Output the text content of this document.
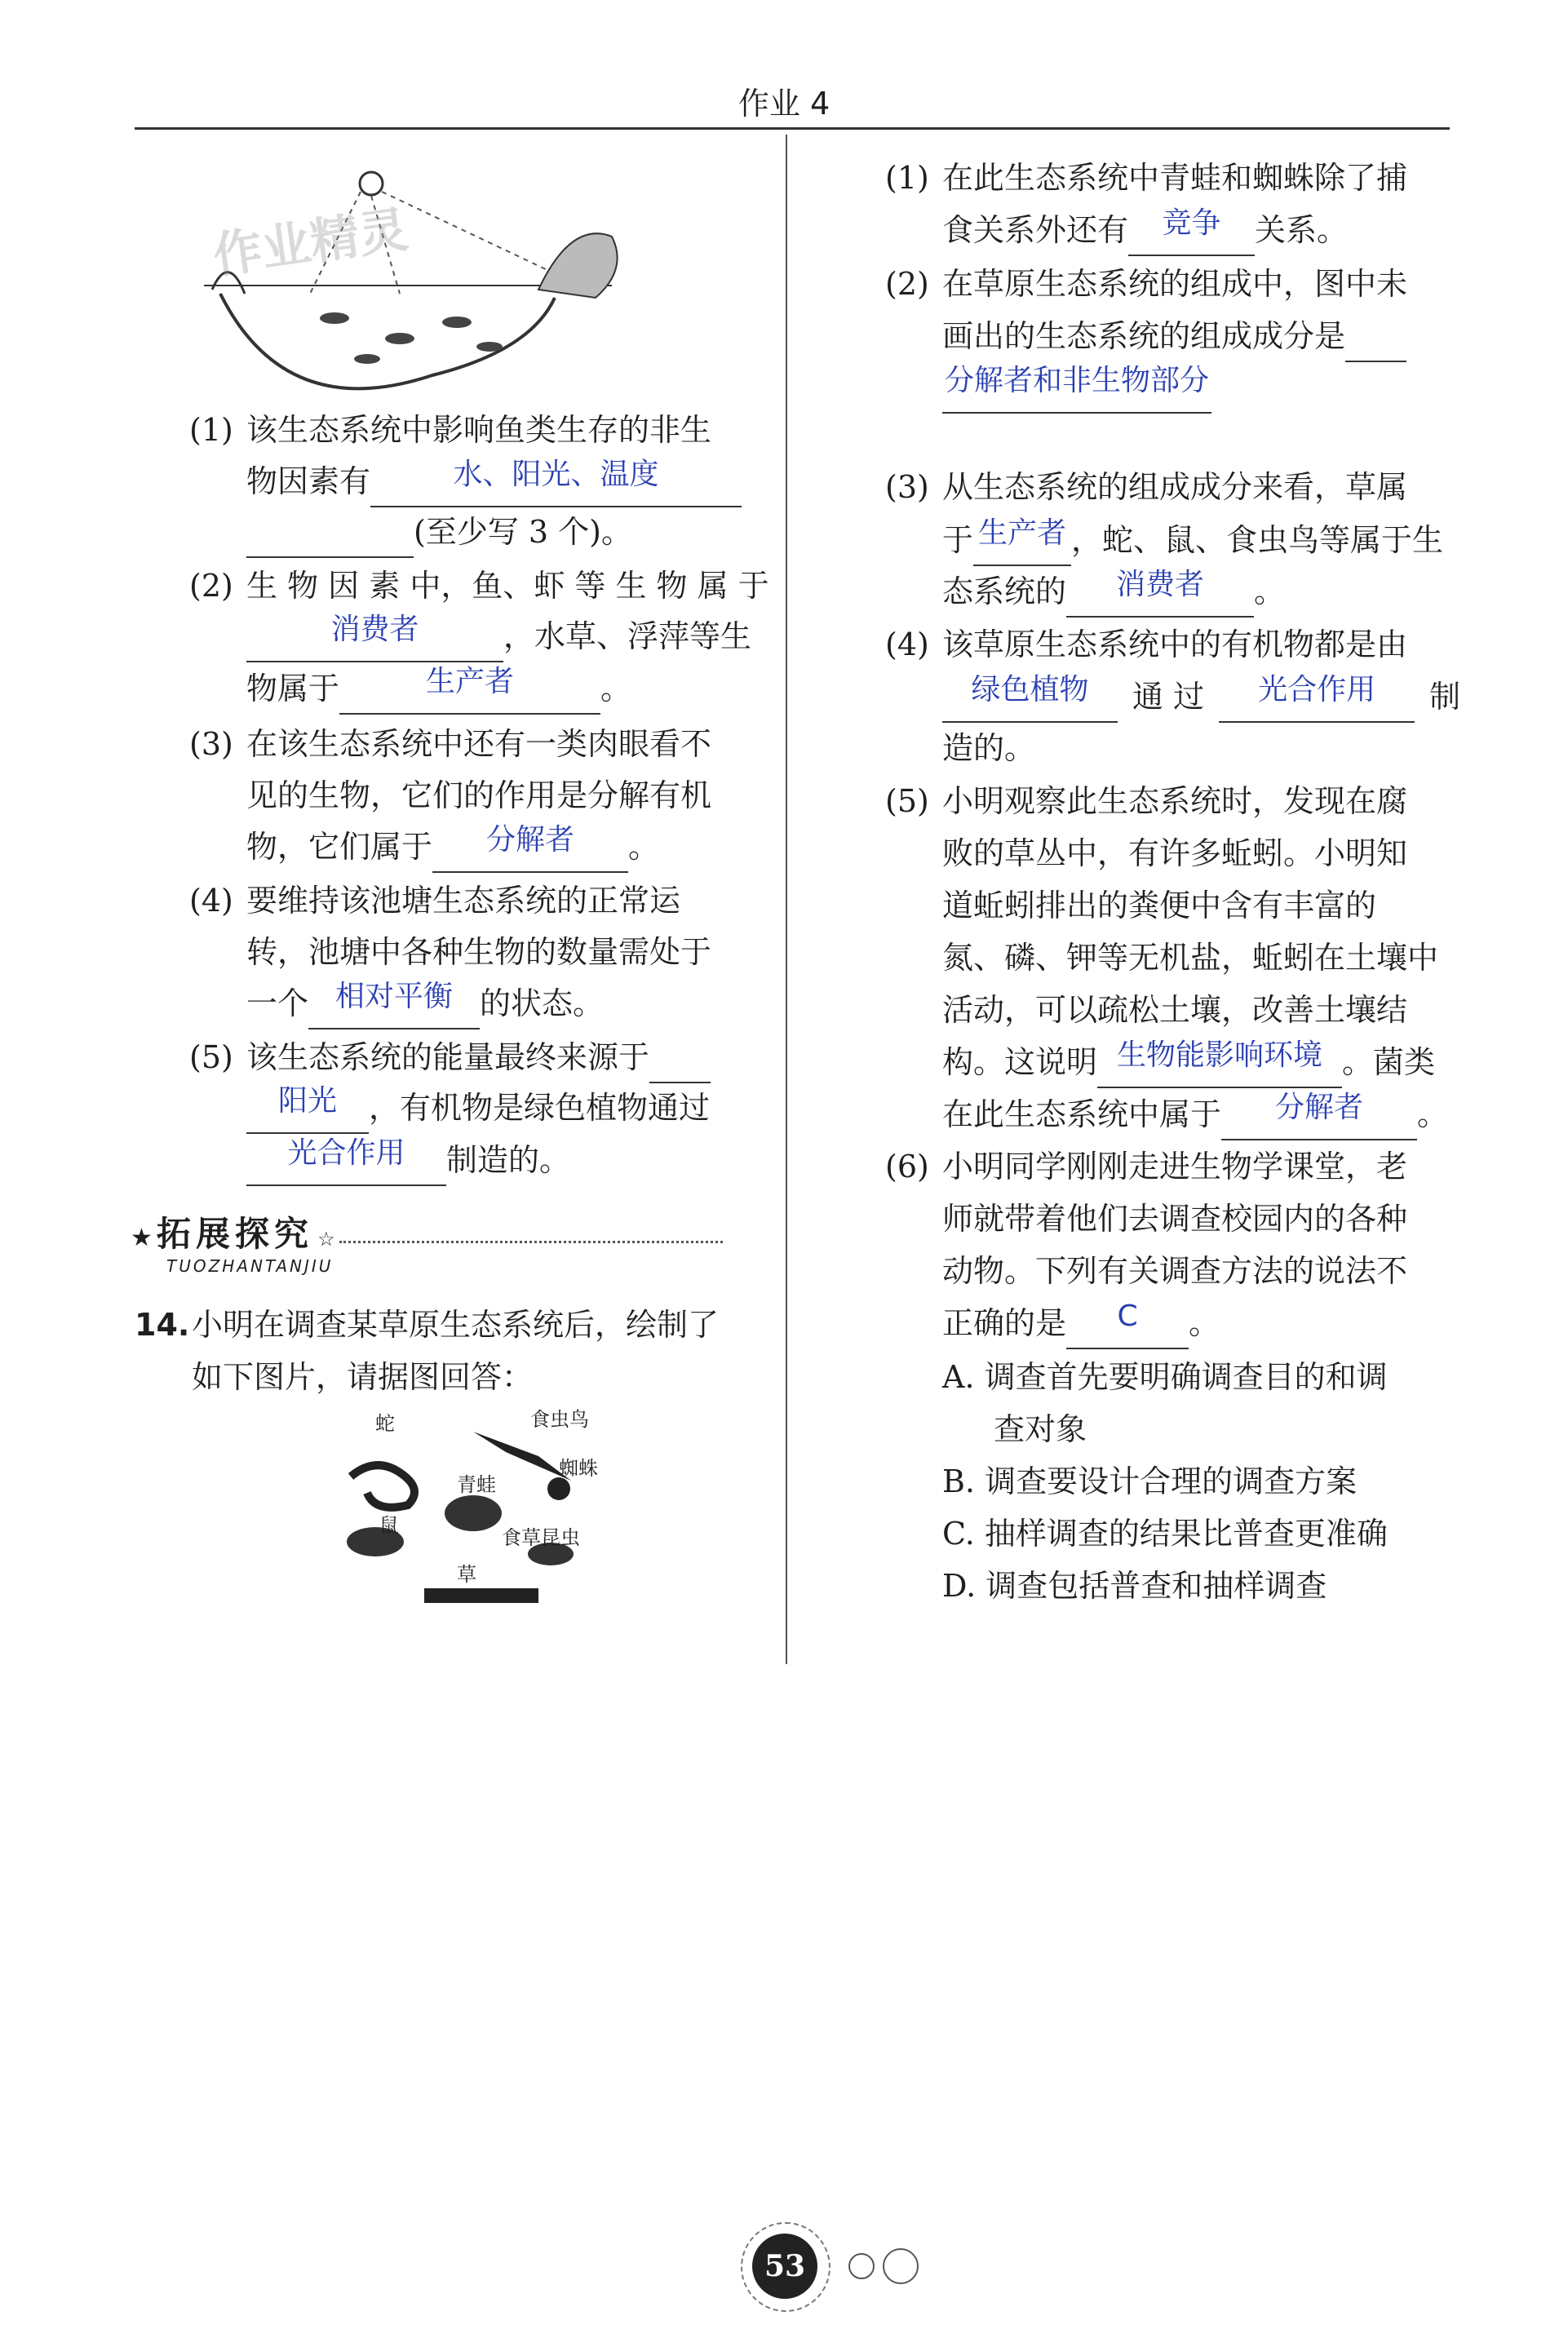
作业 4
作业精灵
(1) 该生态系统中影响鱼类生存的非生
物因素有	水、阳光、温度
(至少写 3 个)。
(2) 生 物 因 素 中，鱼、虾 等 生 物 属 于
消费者	，水草、浮萍等生
物属于	生产者	。
(3) 在该生态系统中还有一类肉眼看不
见的生物，它们的作用是分解有机
物，它们属于	分解者	。
(4) 要维持该池塘生态系统的正常运
转，池塘中各种生物的数量需处于
一个 相对平衡 的状态。
(5) 该生态系统的能量最终来源于
阳光	，有机物是绿色植物通过
光合作用	制造的。
★ 拓展探究 ☆
TUOZHANTANJIU
14.小明在调查某草原生态系统后，绘制了
如下图片，请据图回答：
蛇	食虫鸟
青蛙
蜘蛛
鼠
食草昆虫
草
(1) 在此生态系统中青蛙和蜘蛛除了捕
食关系外还有	竞争	关系。
(2) 在草原生态系统的组成中，图中未
画出的生态系统的组成成分是
分解者和非生物部分
(3) 从生态系统的组成成分来看，草属
于 生产者 ，蛇、鼠、食虫鸟等属于生
态系统的	消费者	。
(4) 该草原生态系统中的有机物都是由
绿色植物	通 过	光合作用	制
造的。
(5) 小明观察此生态系统时，发现在腐
败的草丛中，有许多蚯蚓。小明知
道蚯蚓排出的粪便中含有丰富的
氮、磷、钾等无机盐，蚯蚓在土壤中
活动，可以疏松土壤，改善土壤结
构。这说明 生物能影响环境 。菌类
在此生态系统中属于	分解者	。
(6) 小明同学刚刚走进生物学课堂，老
师就带着他们去调查校园内的各种
动物。下列有关调查方法的说法不
正确的是	C	。
A. 调查首先要明确调查目的和调
查对象
B. 调查要设计合理的调查方案
C. 抽样调查的结果比普查更准确
D. 调查包括普查和抽样调查
53
